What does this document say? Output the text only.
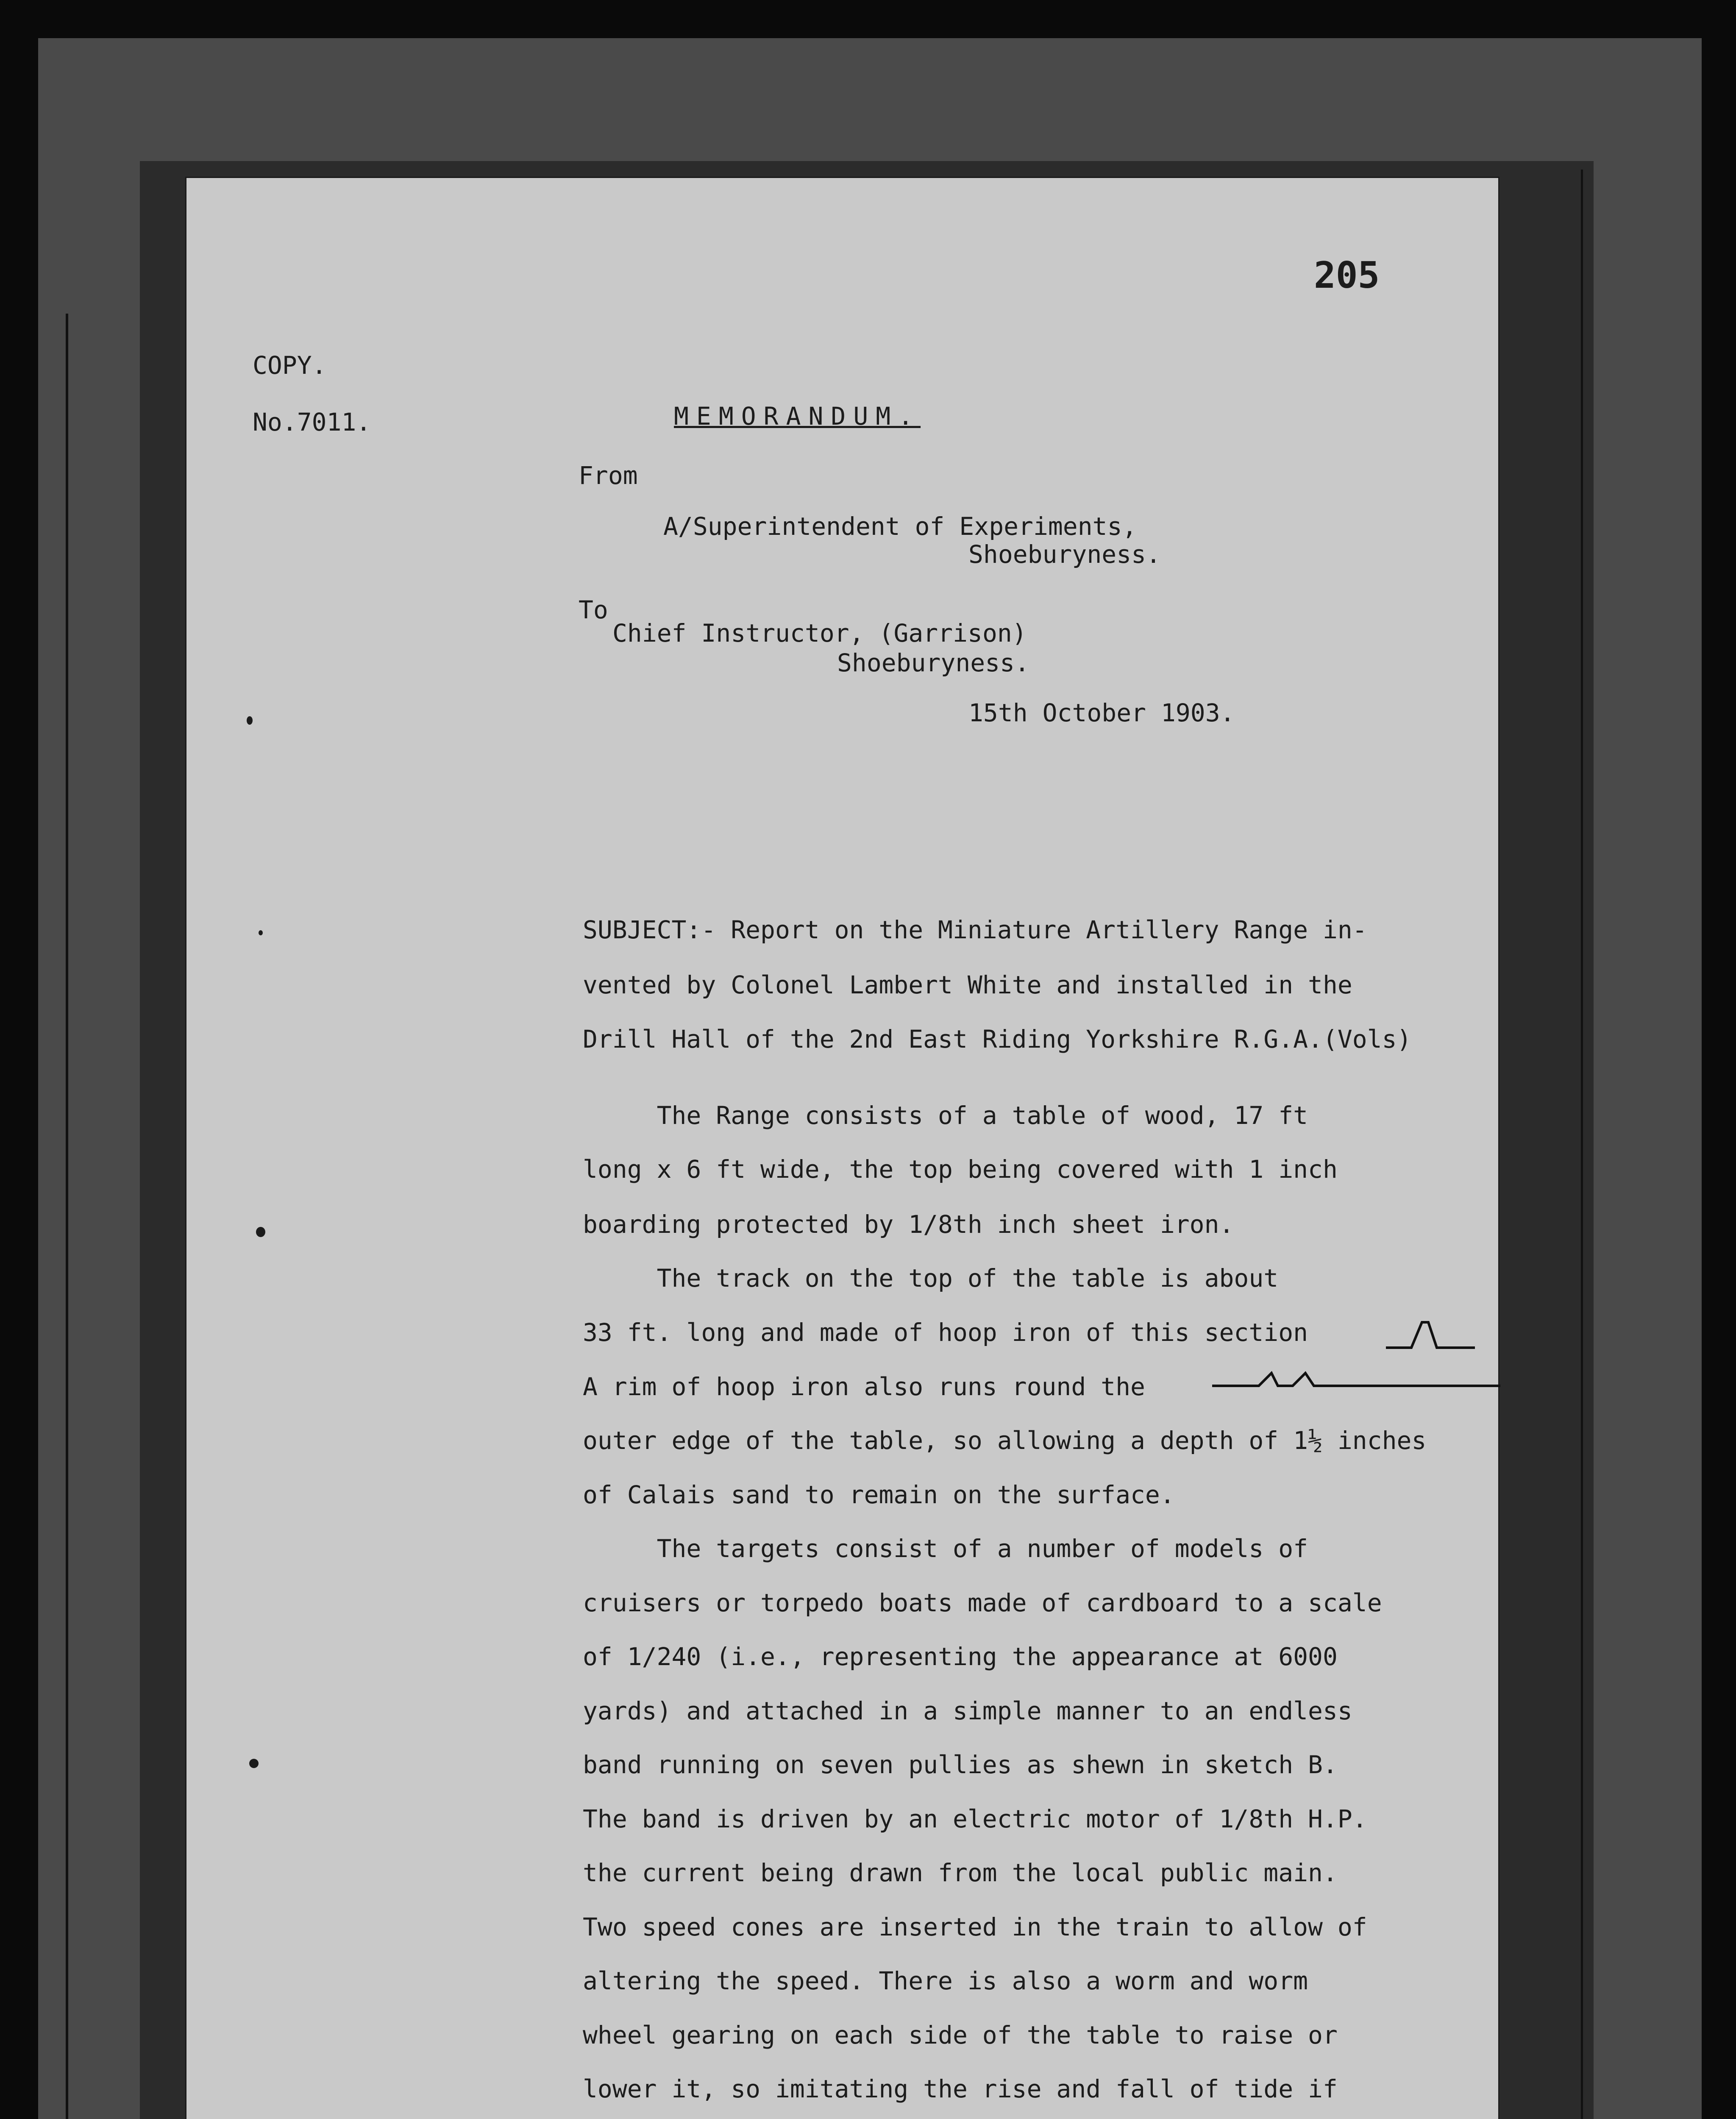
205
COPY.
No.7011.	MEMORANDUM.
From
A/Superintendent of Experiments,
Shoeburyness.
To
Chief Instructor, (Garrison)
Shoeburyness.
15th October 1903.
SUBJECT:- Report on the Miniature Artillery Range in-
vented by Colonel Lambert White and installed in the
Drill Hall of the 2nd East Riding Yorkshire R.G.A.(Vols)
The Range consists of a table of wood, 17 ft
long x 6 ft wide, the top being covered with 1 inch
boarding protected by 1/8th inch sheet iron.
The track on the top of the table is about
33 ft. long and made of hoop iron of this section
A rim of hoop iron also runs round the
outer edge of the table, so allowing a depth of 1½ inches
of Calais sand to remain on the surface.
The targets consist of a number of models of
cruisers or torpedo boats made of cardboard to a scale
of 1/240 (i.e., representing the appearance at 6000
yards) and attached in a simple manner to an endless
band running on seven pullies as shewn in sketch B.
The band is driven by an electric motor of 1/8th H.P.
the current being drawn from the local public main.
Two speed cones are inserted in the train to allow of
altering the speed. There is also a worm and worm
wheel gearing on each side of the table to raise or
lower it, so imitating the rise and fall of tide if
